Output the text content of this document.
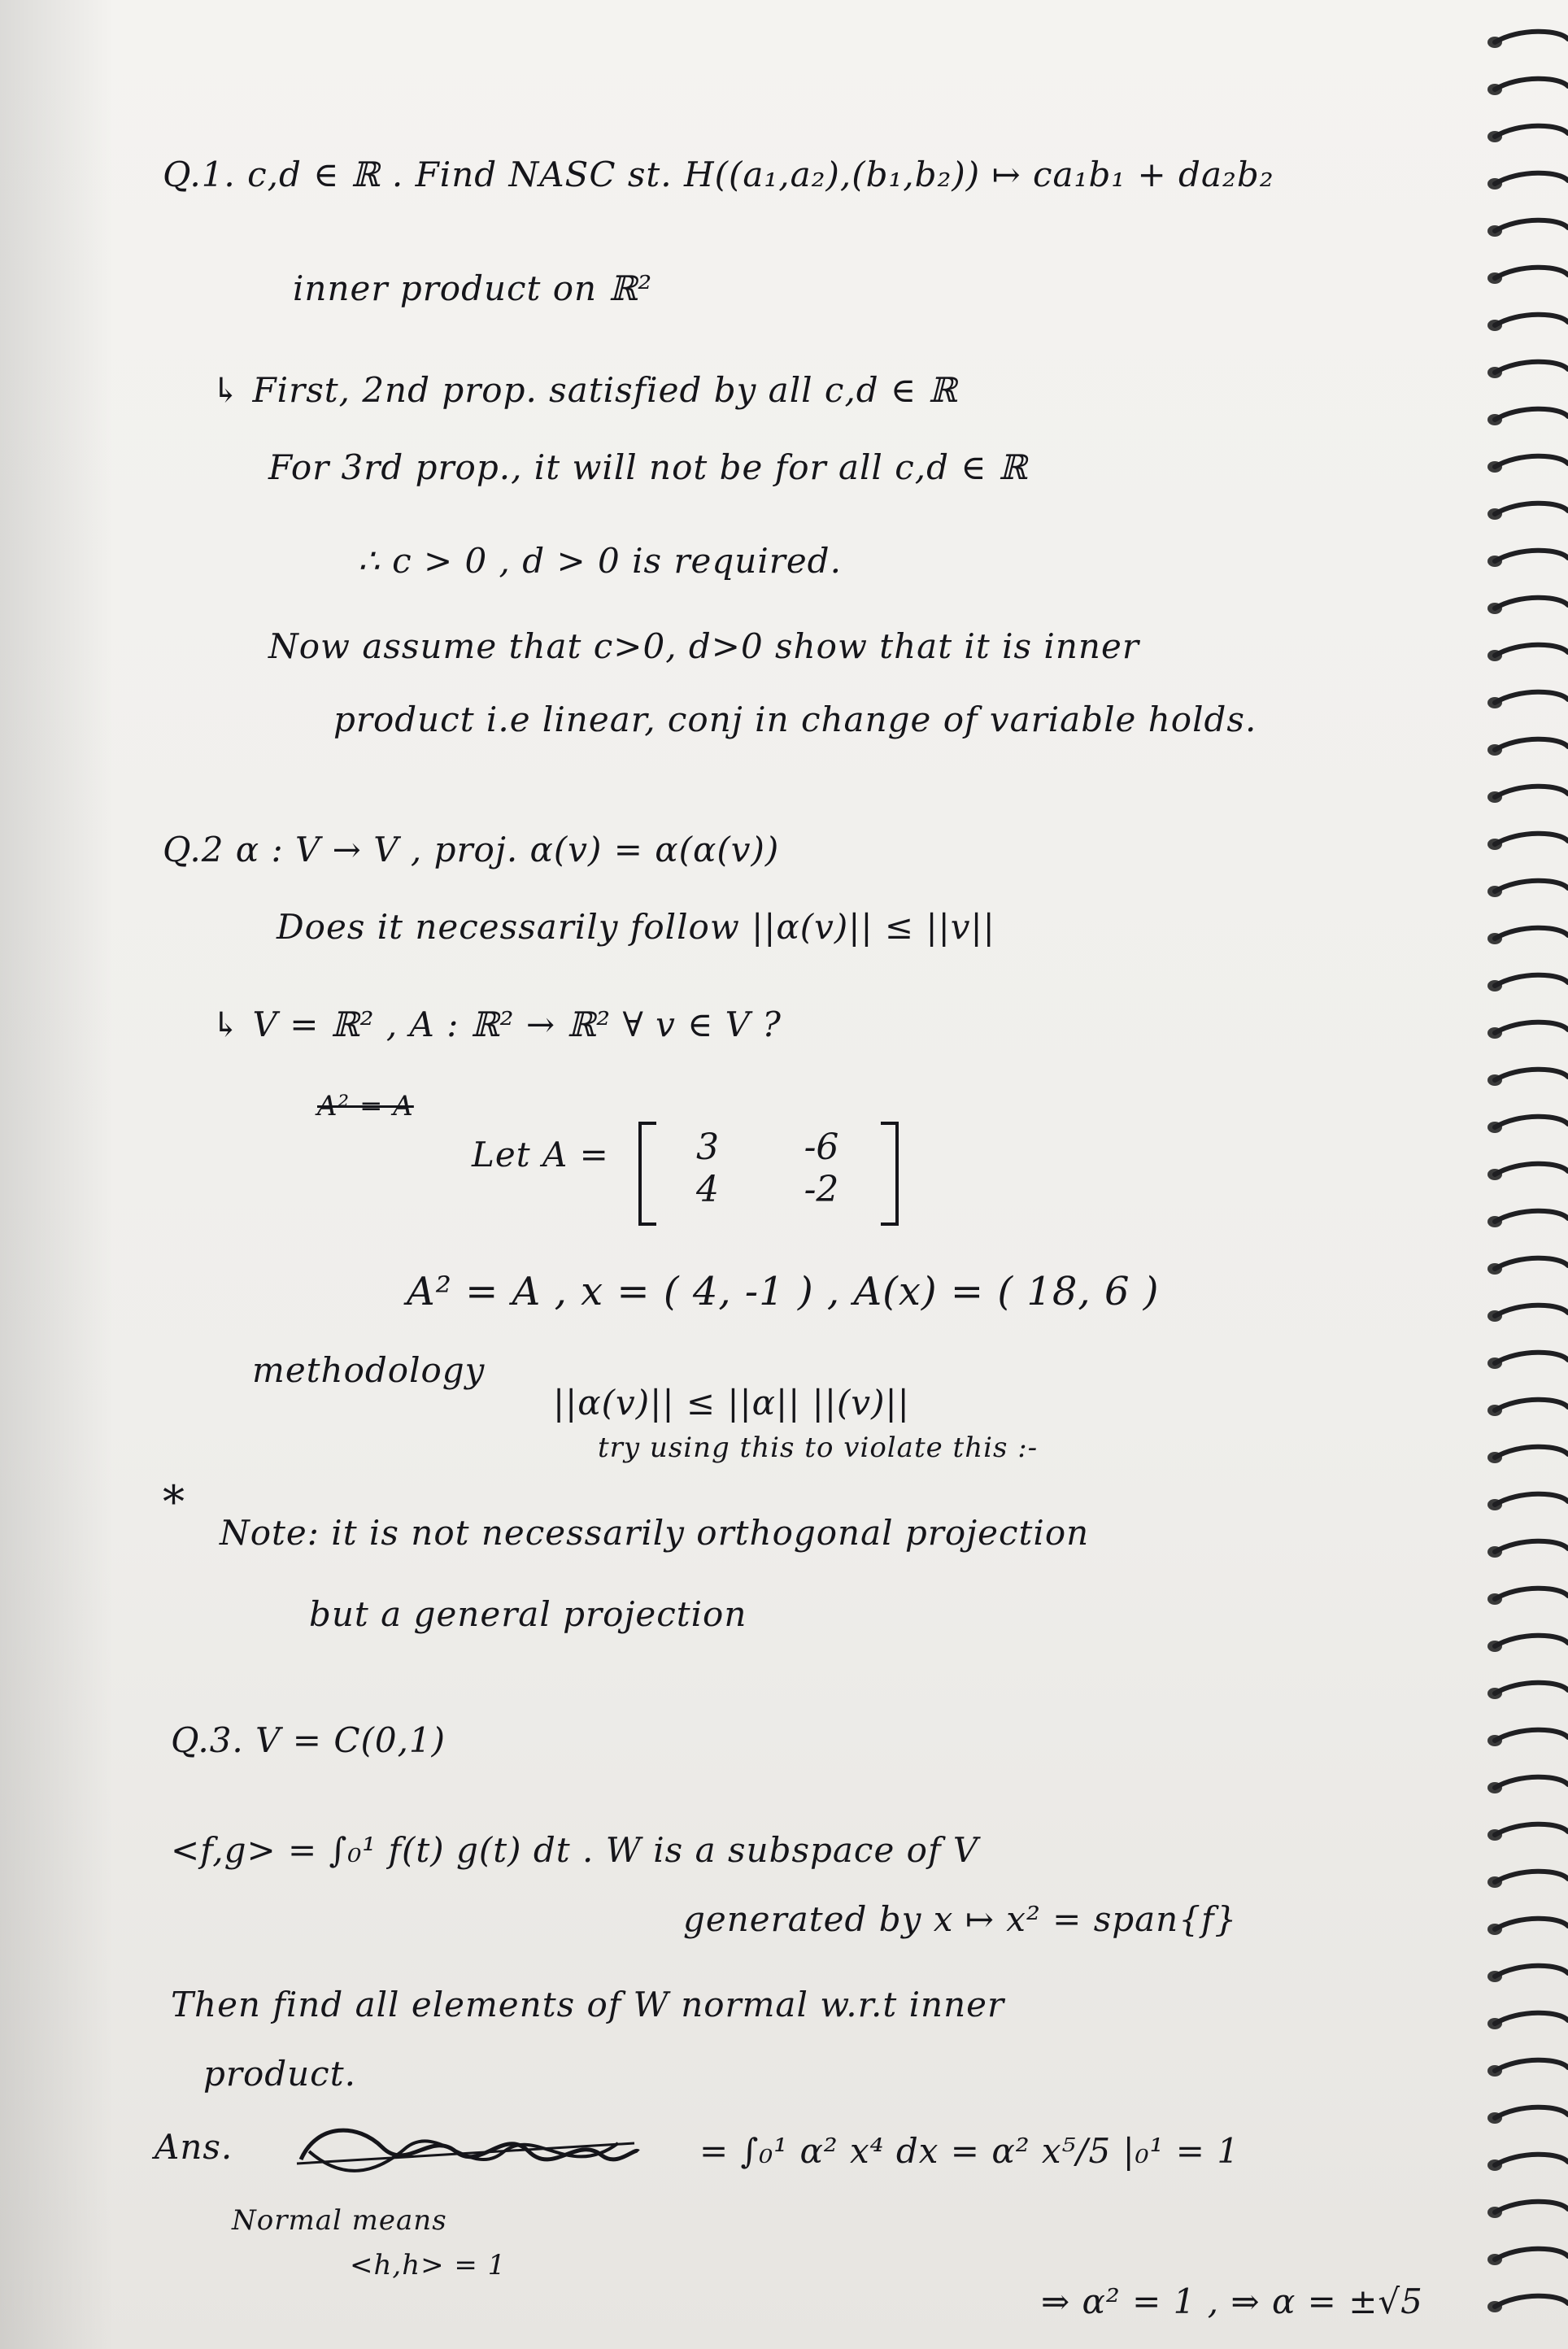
Q.1. c,d ∈ ℝ . Find NASC st. H((a₁,a₂),(b₁,b₂)) ↦ ca₁b₁ + da₂b₂
inner product on ℝ²
↳ First, 2nd prop. satisfied by all c,d ∈ ℝ
For 3rd prop., it will not be for all c,d ∈ ℝ
∴ c > 0 , d > 0 is required.
Now assume that c>0, d>0 show that it is inner
product i.e linear, conj in change of variable holds.
Q.2 α : V → V , proj. α(v) = α(α(v))
Does it necessarily follow ||α(v)|| ≤ ||v||
↳ V = ℝ² , A : ℝ² → ℝ² ∀ v ∈ V ?
A² = A
Let A =	3	-6
4	-2
A² = A , x = ( 4, -1 ) , A(x) = ( 18, 6 )
methodology
||α(v)|| ≤ ||α|| ||(v)||
try using this to violate this :-
*
Note: it is not necessarily orthogonal projection
but a general projection
Q.3. V = C(0,1)
<f,g> = ∫₀¹ f(t) g(t) dt . W is a subspace of V
generated by x ↦ x² = span{f}
Then find all elements of W normal w.r.t inner
product.
Ans.	= ∫₀¹ α² x⁴ dx = α² x⁵/5 |₀¹ = 1
Normal means
<h,h> = 1
⇒ α² = 1 , ⇒ α = ±√5
